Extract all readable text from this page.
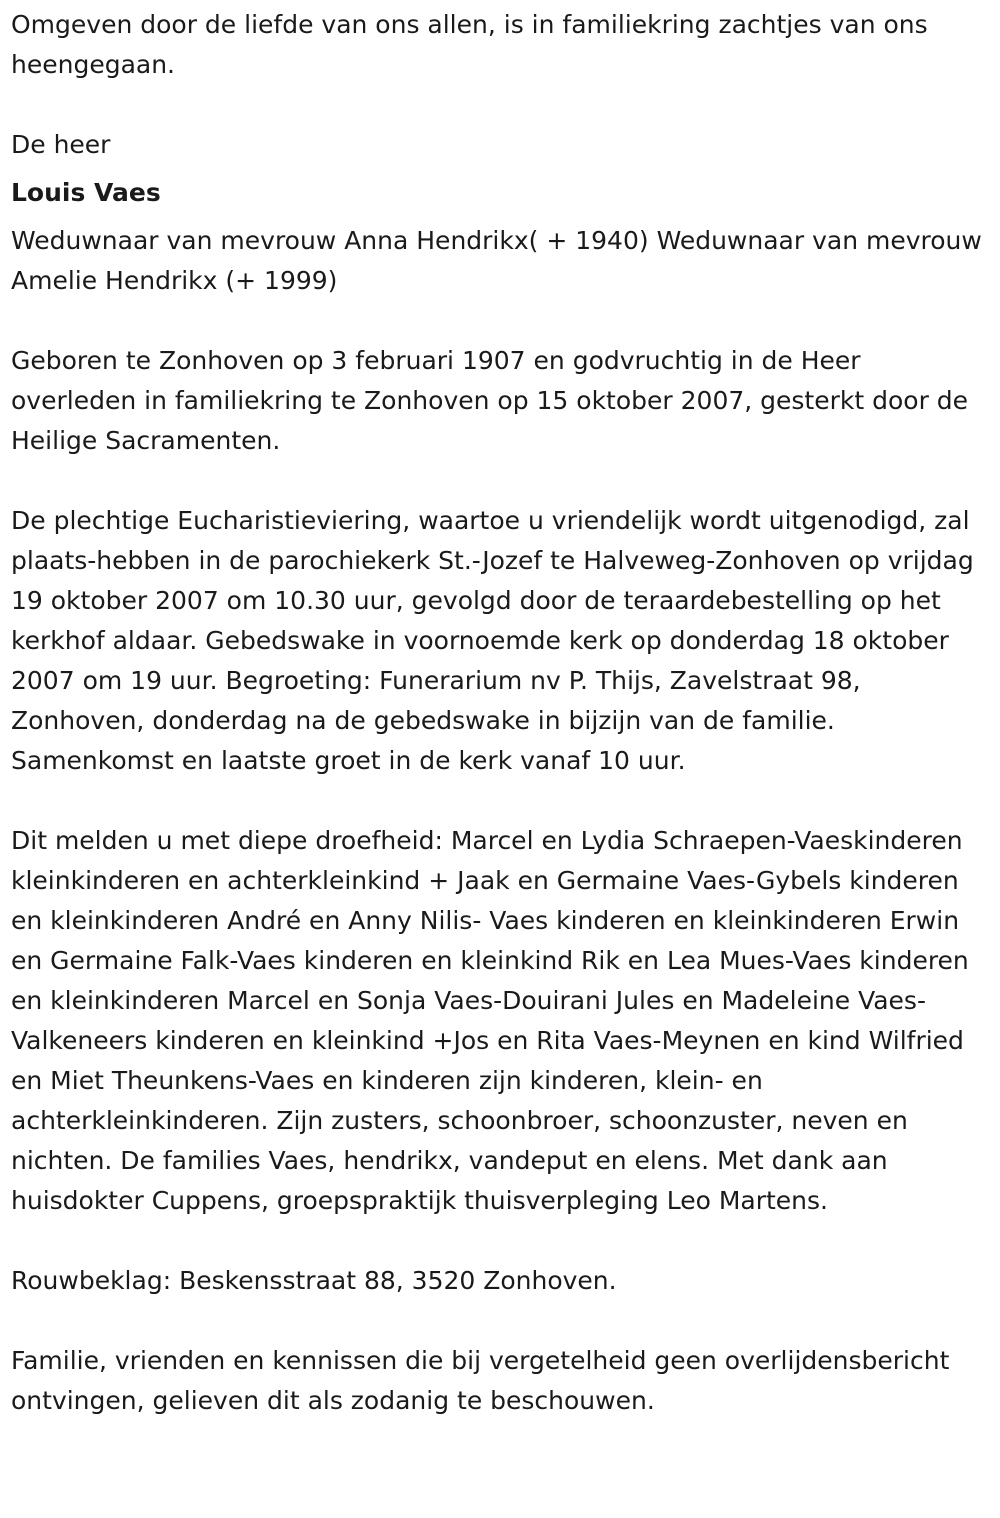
Omgeven door de liefde van ons allen, is in familiekring zachtjes van ons heengegaan.

De heer

Louis Vaes

Weduwnaar van mevrouw Anna Hendrikx( + 1940) Weduwnaar van mevrouw Amelie Hendrikx (+ 1999)

Geboren te Zonhoven op 3 februari 1907 en godvruchtig in de Heer overleden in familiekring te Zonhoven op 15 oktober 2007, gesterkt door de Heilige Sacramenten.

De plechtige Eucharistieviering, waartoe u vriendelijk wordt uitgenodigd, zal plaats-hebben in de parochiekerk St.-Jozef te Halveweg-Zonhoven op vrijdag 19 oktober 2007 om 10.30 uur, gevolgd door de teraardebestelling op het kerkhof aldaar. Gebedswake in voornoemde kerk op donderdag 18 oktober 2007 om 19 uur. Begroeting: Funerarium nv P. Thijs, Zavelstraat 98, Zonhoven, donderdag na de gebedswake in bijzijn van de familie. Samenkomst en laatste groet in de kerk vanaf 10 uur.

Dit melden u met diepe droefheid: Marcel en Lydia Schraepen-Vaeskinderen kleinkinderen en achterkleinkind + Jaak en Germaine Vaes-Gybels kinderen en kleinkinderen André en Anny Nilis- Vaes kinderen en kleinkinderen Erwin en Germaine Falk-Vaes kinderen en kleinkind Rik en Lea Mues-Vaes kinderen en kleinkinderen Marcel en Sonja Vaes-Douirani Jules en Madeleine Vaes-Valkeneers kinderen en kleinkind +Jos en Rita Vaes-Meynen en kind Wilfried en Miet Theunkens-Vaes en kinderen zijn kinderen, klein- en achterkleinkinderen. Zijn zusters, schoonbroer, schoonzuster, neven en nichten. De families Vaes, hendrikx, vandeput en elens. Met dank aan huisdokter Cuppens, groepspraktijk thuisverpleging Leo Martens.

Rouwbeklag: Beskensstraat 88, 3520 Zonhoven.

Familie, vrienden en kennissen die bij vergetelheid geen overlijdensbericht ontvingen, gelieven dit als zodanig te beschouwen.
